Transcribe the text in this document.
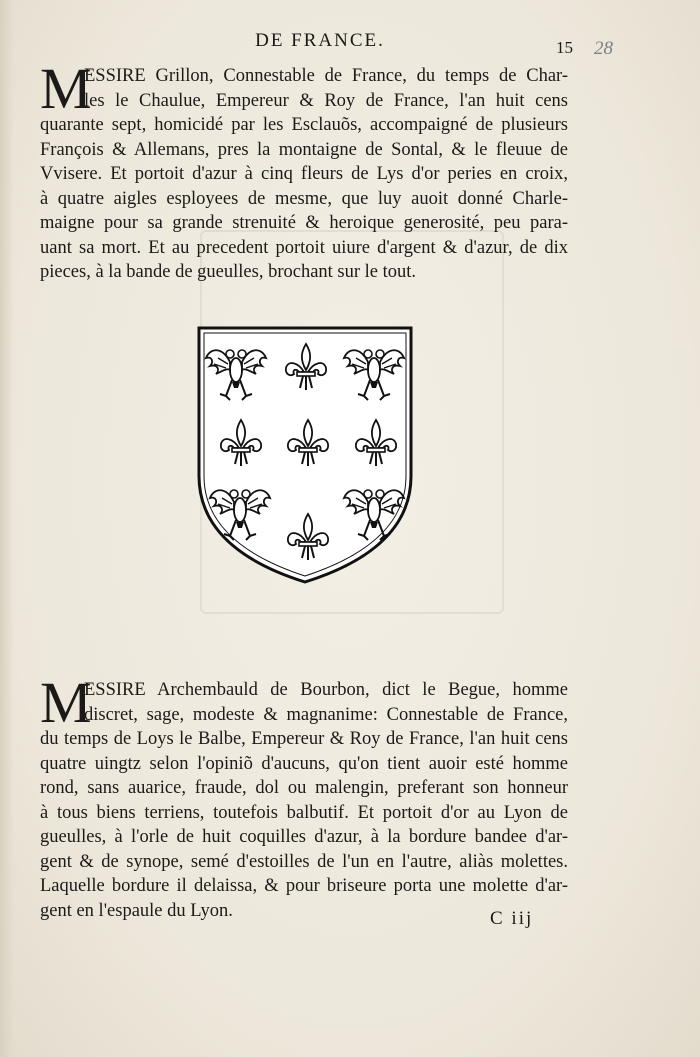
DE FRANCE.	15 28
M
ESSIRE Grillon, Connestable de France, du temps de Char-
les le Chaulue, Empereur & Roy de France, l'an huit cens
quarante sept, homicidé par les Esclauõs, accompaigné de plusieurs
François & Allemans, pres la montaigne de Sontal, & le fleuue de
Vvisere. Et portoit d'azur à cinq fleurs de Lys d'or peries en croix,
à quatre aigles esployees de mesme, que luy auoit donné Charle-
maigne pour sa grande strenuité & heroique generosité, peu para-
uant sa mort. Et au precedent portoit uiure d'argent & d'azur, de dix
pieces, à la bande de gueulles, brochant sur le tout.
M
ESSIRE Archembauld de Bourbon, dict le Begue, homme
discret, sage, modeste & magnanime: Connestable de France,
du temps de Loys le Balbe, Empereur & Roy de France, l'an huit cens
quatre uingtz selon l'opiniõ d'aucuns, qu'on tient auoir esté homme
rond, sans auarice, fraude, dol ou malengin, preferant son honneur
à tous biens terriens, toutefois balbutif. Et portoit d'or au Lyon de
gueulles, à l'orle de huit coquilles d'azur, à la bordure bandee d'ar-
gent & de synope, semé d'estoilles de l'un en l'autre, aliàs molettes.
Laquelle bordure il delaissa, & pour briseure porta une molette d'ar-
gent en l'espaule du Lyon.	C iij
